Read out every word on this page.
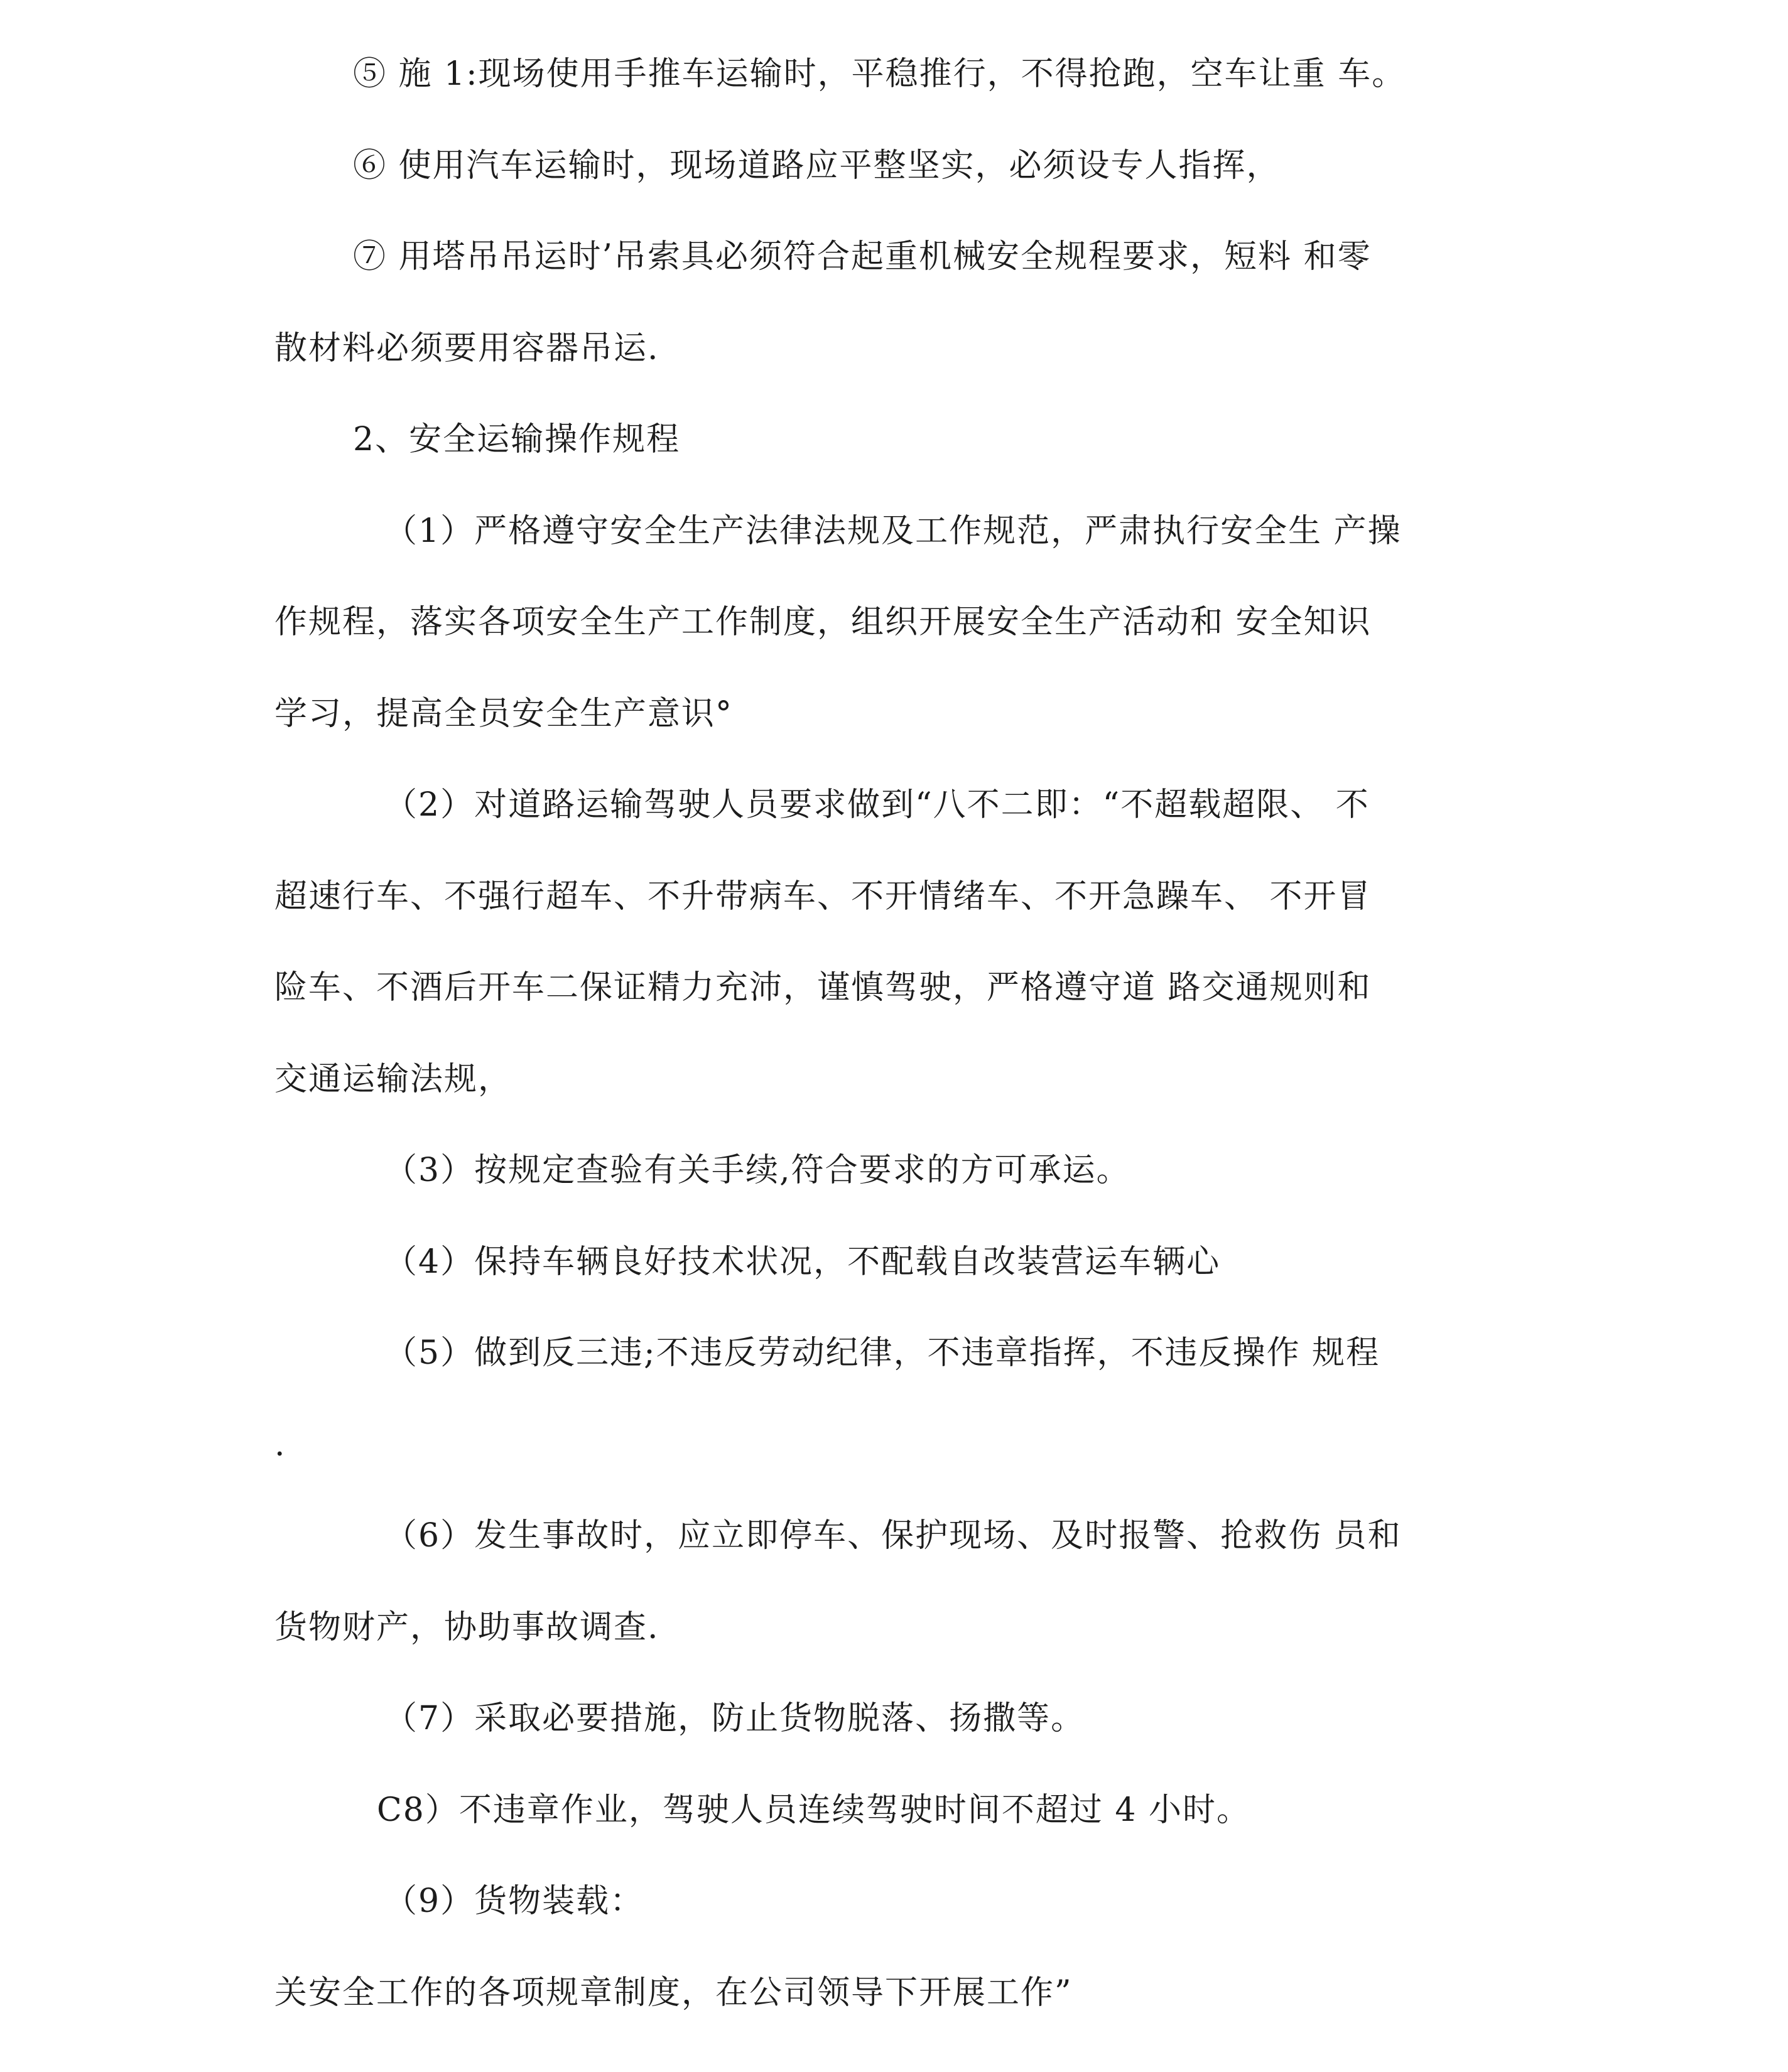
⑤ 施 1:现场使用手推车运输时，平稳推行，不得抢跑，空车让重 车。
⑥ 使用汽车运输时，现场道路应平整坚实，必须设专人指挥，
⑦ 用塔吊吊运时’吊索具必须符合起重机械安全规程要求，短料 和零
散材料必须要用容器吊运.
2、安全运输操作规程
（1）严格遵守安全生产法律法规及工作规范，严肃执行安全生 产操
作规程，落实各项安全生产工作制度，组织开展安全生产活动和 安全知识
学习，提高全员安全生产意识°
（2）对道路运输驾驶人员要求做到“八不二即：“不超载超限、 不
超速行车、不强行超车、不升带病车、不开情绪车、不开急躁车、 不开冒
险车、不酒后开车二保证精力充沛，谨慎驾驶，严格遵守道 路交通规则和
交通运输法规，
（3）按规定查验有关手续,符合要求的方可承运。
（4）保持车辆良好技术状况，不配载自改装营运车辆心
（5）做到反三违;不违反劳动纪律，不违章指挥，不违反操作 规程
.
（6）发生事故时，应立即停车、保护现场、及时报警、抢救伤 员和
货物财产，协助事故调查.
（7）采取必要措施，防止货物脱落、扬撒等。
C8）不违章作业，驾驶人员连续驾驶时间不超过 4 小时。
（9）货物装载：
关安全工作的各项规章制度，在公司领导下开展工作”
